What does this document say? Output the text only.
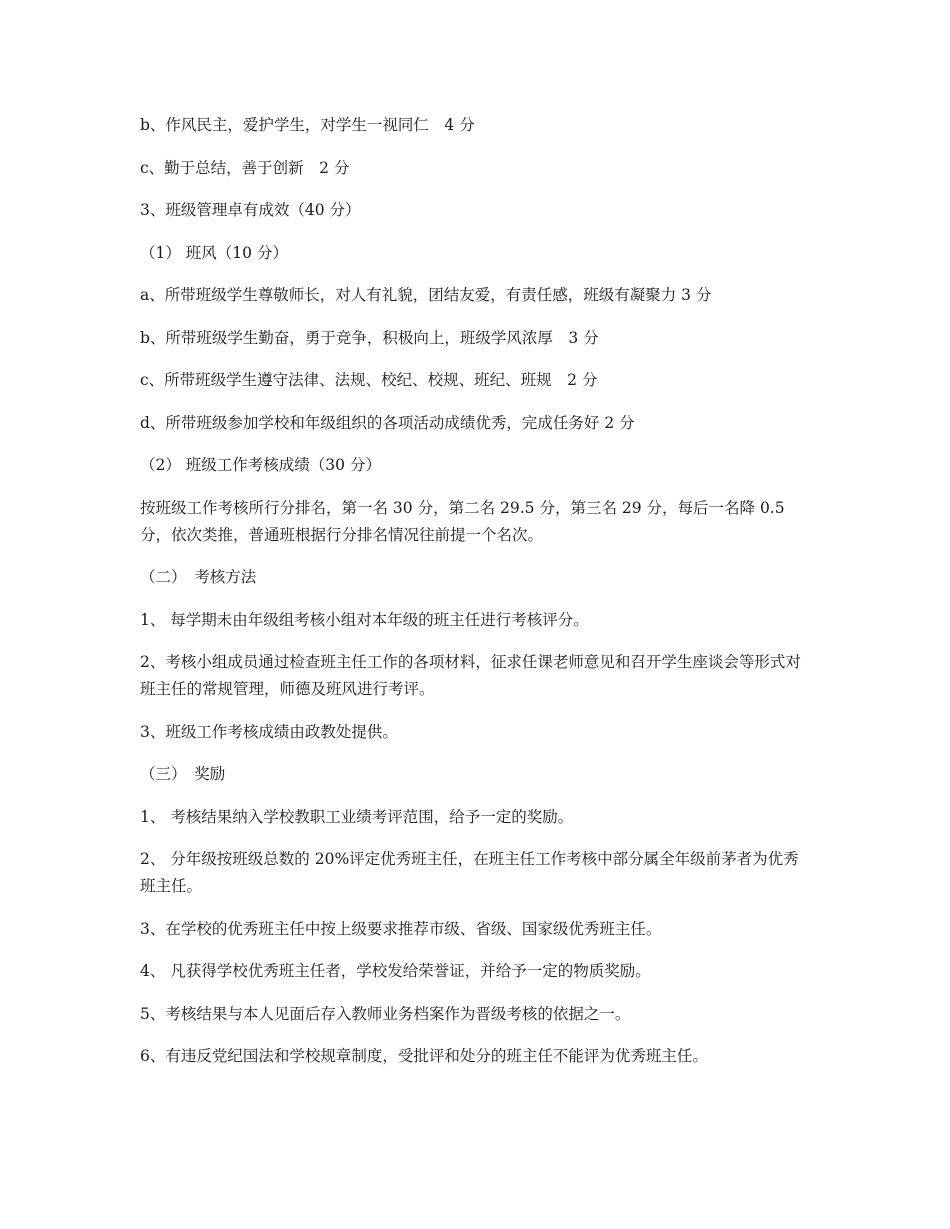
b、作风民主，爱护学生，对学生一视同仁　4 分

c、勤于总结，善于创新　2 分

3、班级管理卓有成效（40 分）

（1） 班风（10 分）

a、所带班级学生尊敬师长，对人有礼貌，团结友爱，有责任感，班级有凝聚力 3 分

b、所带班级学生勤奋，勇于竞争，积极向上，班级学风浓厚　3 分

c、所带班级学生遵守法律、法规、校纪、校规、班纪、班规　2 分

d、所带班级参加学校和年级组织的各项活动成绩优秀，完成任务好 2 分

（2） 班级工作考核成绩（30 分）

按班级工作考核所行分排名，第一名 30 分，第二名 29.5 分，第三名 29 分，每后一名降 0.5 分，依次类推，普通班根据行分排名情况往前提一个名次。

（二）　考核方法

1、 每学期未由年级组考核小组对本年级的班主任进行考核评分。

2、考核小组成员通过检查班主任工作的各项材料，征求任课老师意见和召开学生座谈会等形式对班主任的常规管理，师德及班风进行考评。

3、班级工作考核成绩由政教处提供。

（三）　奖励

1、 考核结果纳入学校教职工业绩考评范围，给予一定的奖励。

2、 分年级按班级总数的 20%评定优秀班主任，在班主任工作考核中部分属全年级前茅者为优秀班主任。

3、在学校的优秀班主任中按上级要求推荐市级、省级、国家级优秀班主任。

4、 凡获得学校优秀班主任者，学校发给荣誉证，并给予一定的物质奖励。

5、考核结果与本人见面后存入教师业务档案作为晋级考核的依据之一。

6、有违反党纪国法和学校规章制度，受批评和处分的班主任不能评为优秀班主任。
